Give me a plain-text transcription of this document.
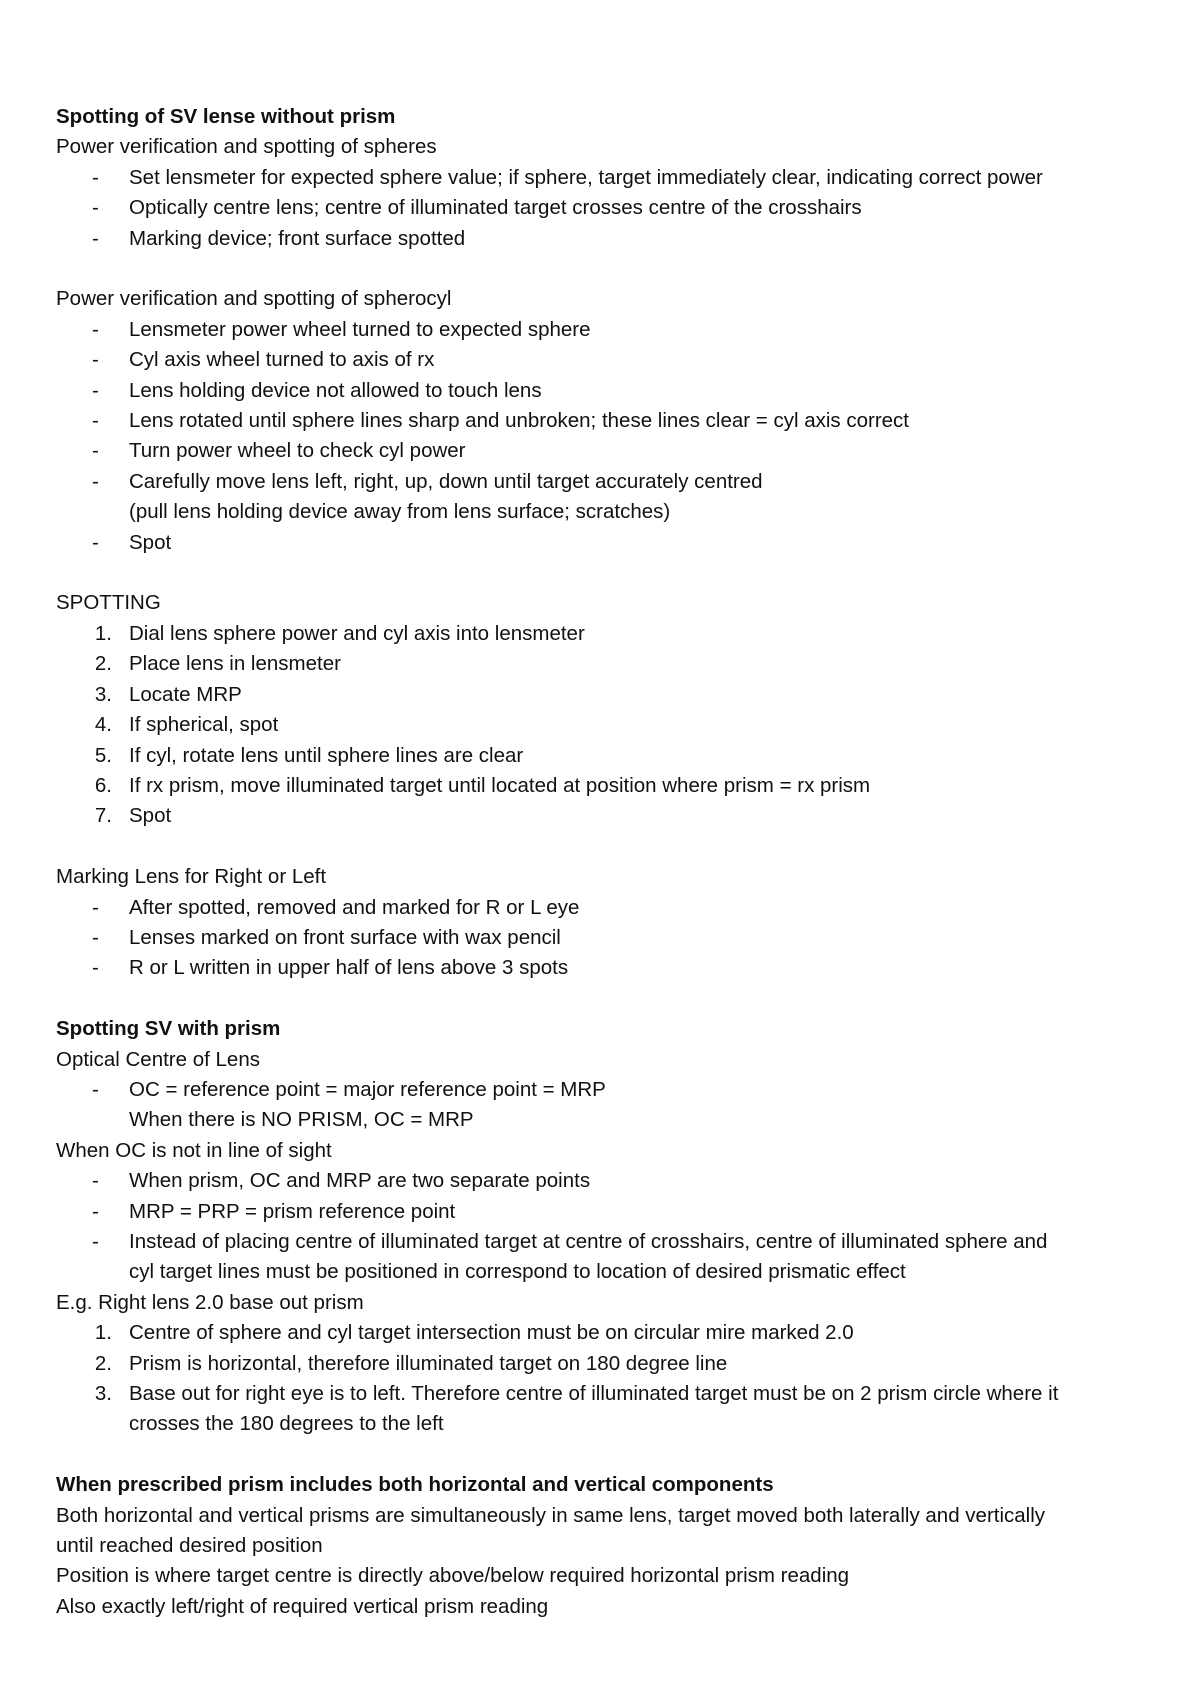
Spotting of SV lense without prism
Power verification and spotting of spheres
- Set lensmeter for expected sphere value; if sphere, target immediately clear, indicating correct power
- Optically centre lens; centre of illuminated target crosses centre of the crosshairs
- Marking device; front surface spotted
Power verification and spotting of spherocyl
- Lensmeter power wheel turned to expected sphere
- Cyl axis wheel turned to axis of rx
- Lens holding device not allowed to touch lens
- Lens rotated until sphere lines sharp and unbroken; these lines clear = cyl axis correct
- Turn power wheel to check cyl power
- Carefully move lens left, right, up, down until target accurately centred
(pull lens holding device away from lens surface; scratches)
- Spot
SPOTTING
1. Dial lens sphere power and cyl axis into lensmeter
2. Place lens in lensmeter
3. Locate MRP
4. If spherical, spot
5. If cyl, rotate lens until sphere lines are clear
6. If rx prism, move illuminated target until located at position where prism = rx prism
7. Spot
Marking Lens for Right or Left
- After spotted, removed and marked for R or L eye
- Lenses marked on front surface with wax pencil
- R or L written in upper half of lens above 3 spots
Spotting SV with prism
Optical Centre of Lens
- OC = reference point = major reference point = MRP
When there is NO PRISM, OC = MRP
When OC is not in line of sight
- When prism, OC and MRP are two separate points
- MRP = PRP = prism reference point
- Instead of placing centre of illuminated target at centre of crosshairs, centre of illuminated sphere and
cyl target lines must be positioned in correspond to location of desired prismatic effect
E.g. Right lens 2.0 base out prism
1. Centre of sphere and cyl target intersection must be on circular mire marked 2.0
2. Prism is horizontal, therefore illuminated target on 180 degree line
3. Base out for right eye is to left. Therefore centre of illuminated target must be on 2 prism circle where it
crosses the 180 degrees to the left
When prescribed prism includes both horizontal and vertical components
Both horizontal and vertical prisms are simultaneously in same lens, target moved both laterally and vertically
until reached desired position
Position is where target centre is directly above/below required horizontal prism reading
Also exactly left/right of required vertical prism reading
